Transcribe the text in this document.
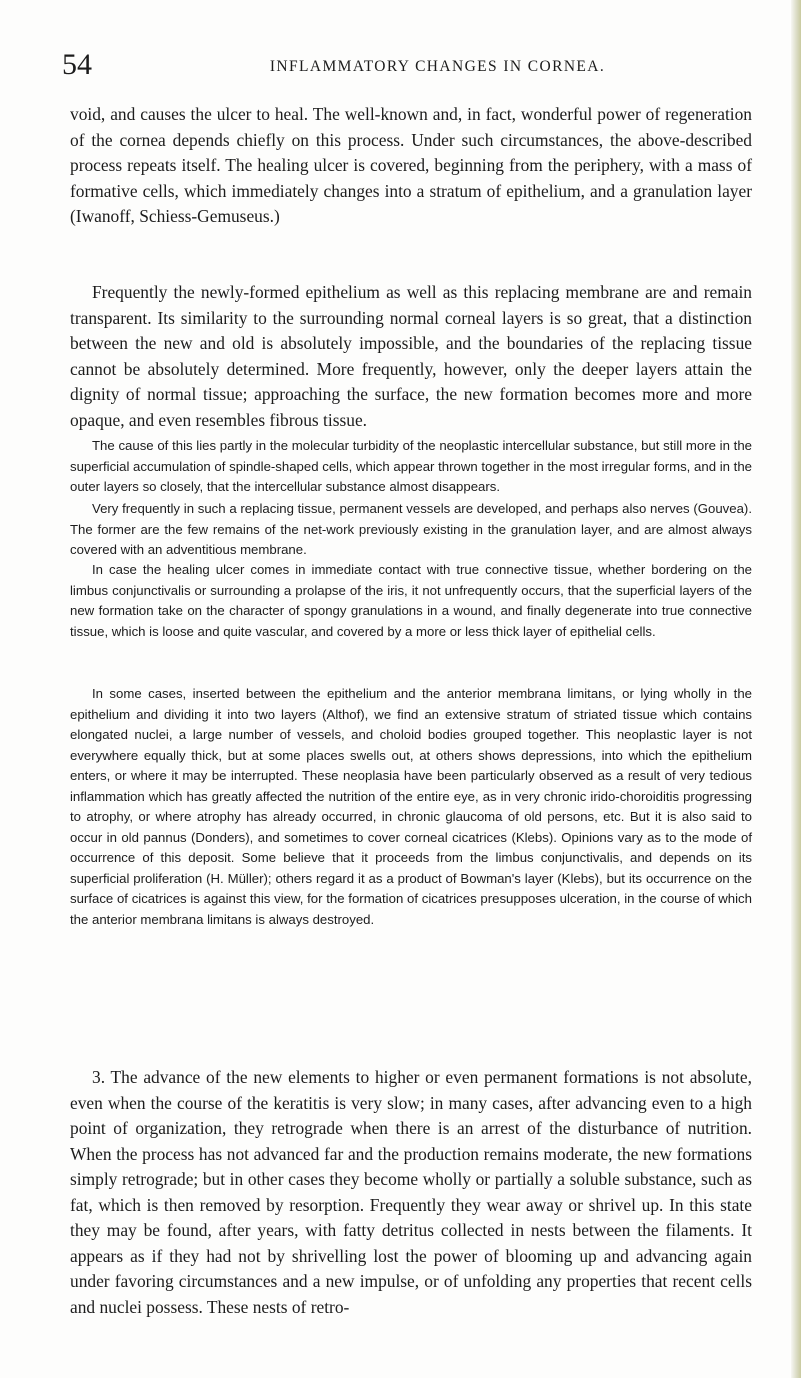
54	INFLAMMATORY CHANGES IN CORNEA.

void, and causes the ulcer to heal. The well-known and, in fact, wonderful power of regeneration of the cornea depends chiefly on this process. Under such circumstances, the above-described process repeats itself. The healing ulcer is covered, beginning from the periphery, with a mass of formative cells, which immediately changes into a stratum of epithelium, and a granulation layer (Iwanoff, Schiess-Gemuseus.)

Frequently the newly-formed epithelium as well as this replacing membrane are and remain transparent. Its similarity to the surrounding normal corneal layers is so great, that a distinction between the new and old is absolutely impossible, and the boundaries of the replacing tissue cannot be absolutely determined. More frequently, however, only the deeper layers attain the dignity of normal tissue; approaching the surface, the new formation becomes more and more opaque, and even resembles fibrous tissue.

The cause of this lies partly in the molecular turbidity of the neoplastic intercellular substance, but still more in the superficial accumulation of spindle-shaped cells, which appear thrown together in the most irregular forms, and in the outer layers so closely, that the intercellular substance almost disappears.

Very frequently in such a replacing tissue, permanent vessels are developed, and perhaps also nerves (Gouvea). The former are the few remains of the net-work previously existing in the granulation layer, and are almost always covered with an adventitious membrane.

In case the healing ulcer comes in immediate contact with true connective tissue, whether bordering on the limbus conjunctivalis or surrounding a prolapse of the iris, it not unfrequently occurs, that the superficial layers of the new formation take on the character of spongy granulations in a wound, and finally degenerate into true connective tissue, which is loose and quite vascular, and covered by a more or less thick layer of epithelial cells.

In some cases, inserted between the epithelium and the anterior membrana limitans, or lying wholly in the epithelium and dividing it into two layers (Althof), we find an extensive stratum of striated tissue which contains elongated nuclei, a large number of vessels, and choloid bodies grouped together. This neoplastic layer is not everywhere equally thick, but at some places swells out, at others shows depressions, into which the epithelium enters, or where it may be interrupted. These neoplasia have been particularly observed as a result of very tedious inflammation which has greatly affected the nutrition of the entire eye, as in very chronic irido-choroiditis progressing to atrophy, or where atrophy has already occurred, in chronic glaucoma of old persons, etc. But it is also said to occur in old pannus (Donders), and sometimes to cover corneal cicatrices (Klebs). Opinions vary as to the mode of occurrence of this deposit. Some believe that it proceeds from the limbus conjunctivalis, and depends on its superficial proliferation (H. Müller); others regard it as a product of Bowman's layer (Klebs), but its occurrence on the surface of cicatrices is against this view, for the formation of cicatrices presupposes ulceration, in the course of which the anterior membrana limitans is always destroyed.

3. The advance of the new elements to higher or even permanent formations is not absolute, even when the course of the keratitis is very slow; in many cases, after advancing even to a high point of organization, they retrograde when there is an arrest of the disturbance of nutrition. When the process has not advanced far and the production remains moderate, the new formations simply retrograde; but in other cases they become wholly or partially a soluble substance, such as fat, which is then removed by resorption. Frequently they wear away or shrivel up. In this state they may be found, after years, with fatty detritus collected in nests between the filaments. It appears as if they had not by shrivelling lost the power of blooming up and advancing again under favoring circumstances and a new impulse, or of unfolding any properties that recent cells and nuclei possess. These nests of retro-
